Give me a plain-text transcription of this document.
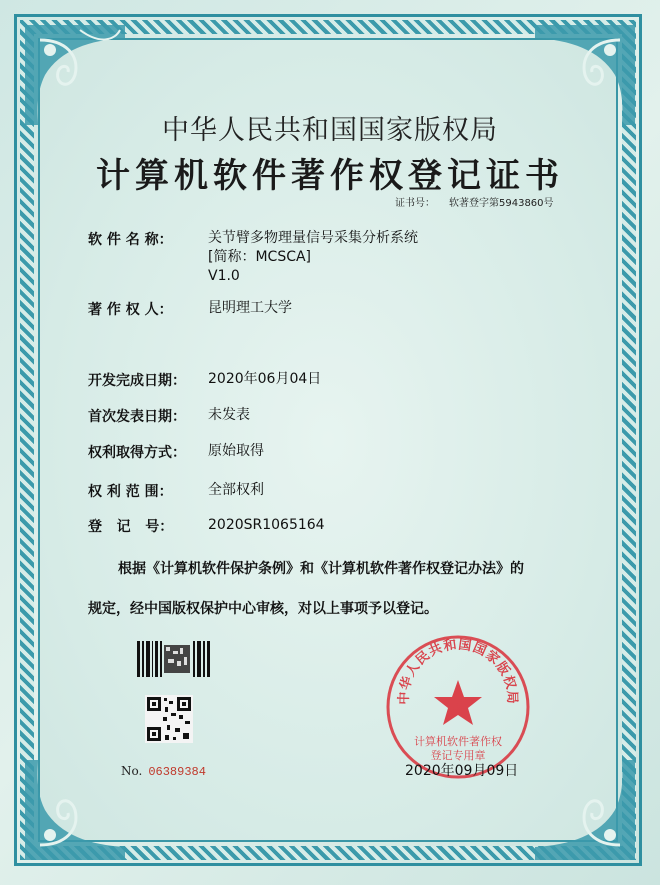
中华人民共和国国家版权局
计算机软件著作权登记证书
证书号： 软著登字第5943860号
软 件 名 称：	关节臂多物理量信号采集分析系统
[简称：MCSCA]
V1.0
著 作 权 人：	昆明理工大学
开发完成日期：	2020年06月04日
首次发表日期：	未发表
权利取得方式：	原始取得
权 利 范 围：	全部权利
登   记   号：	2020SR1065164
根据《计算机软件保护条例》和《计算机软件著作权登记办法》的
规定，经中国版权保护中心审核，对以上事项予以登记。
No. 06389384
中华人民共和国国家版权局
计算机软件著作权
登记专用章
2020年09月09日
